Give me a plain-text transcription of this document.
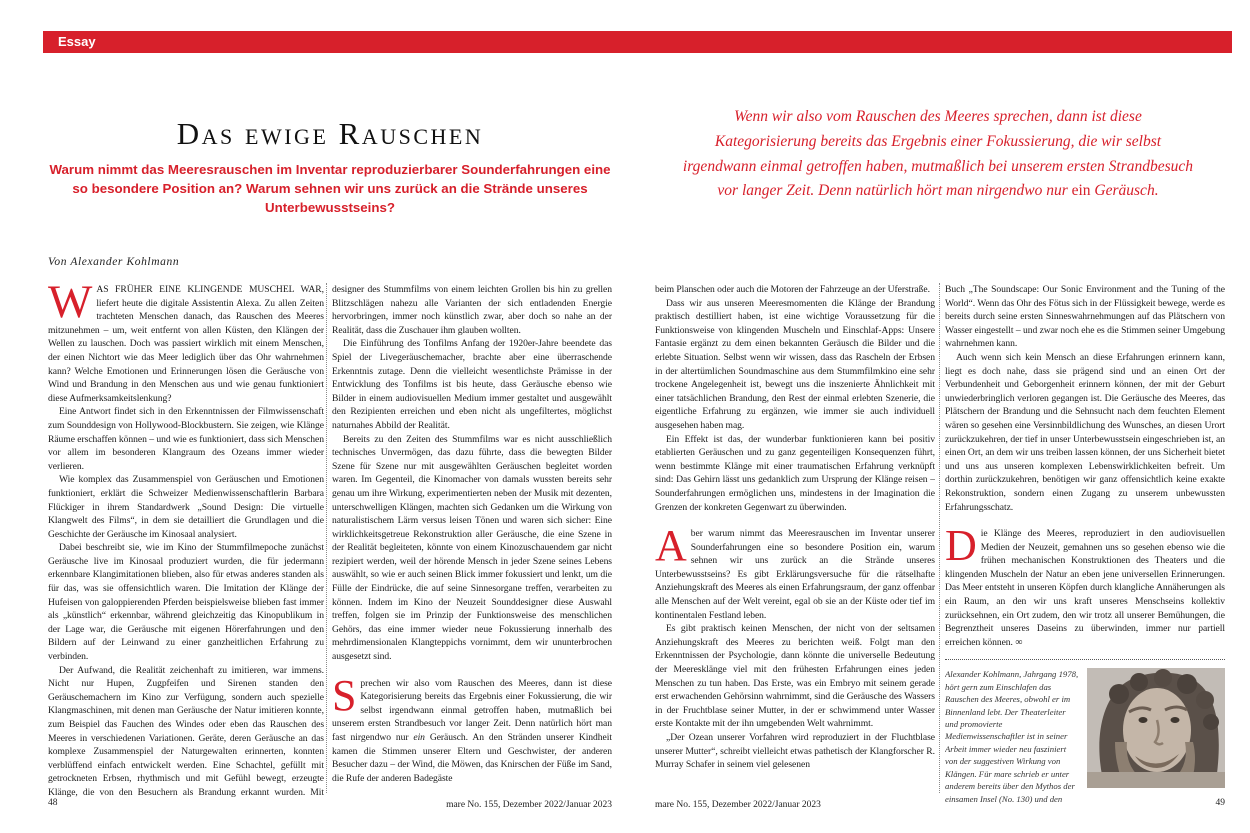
Essay
Das ewige Rauschen
Warum nimmt das Meeresrauschen im Inventar reproduzierbarer Sounderfahrungen eine
so besondere Position an? Warum sehnen wir uns zurück an die Strände unseres Unterbewusstseins?
Wenn wir also vom Rauschen des Meeres sprechen, dann ist diese
Kategorisierung bereits das Ergebnis einer Fokussierung, die wir selbst
irgendwann einmal getroffen haben, mutmaßlich bei unserem ersten Strandbesuch
vor langer Zeit. Denn natürlich hört man nirgendwo nur ein Geräusch.
Von Alexander Kohlmann

WAS FRÜHER EINE KLINGENDE MUSCHEL WAR, liefert heute die digitale Assistentin Alexa. Zu allen Zeiten trachteten Menschen danach, das Rauschen des Meeres mitzunehmen – um, weit entfernt von allen Küsten, den Klängen der Wellen zu lauschen. Doch was passiert wirklich mit einem Menschen, der einen Nichtort wie das Meer lediglich über das Ohr wahrnehmen kann? Welche Emotionen und Erinnerungen lösen die Geräusche von Wind und Brandung in den Menschen aus und wie genau funktioniert diese Aufmerksamkeitslenkung?

Eine Antwort findet sich in den Erkenntnissen der Filmwissenschaft zum Sounddesign von Hollywood-Blockbustern. Sie zeigen, wie Klänge Räume erschaffen können – und wie es funktioniert, dass sich Menschen vor allem im besonderen Klangraum des Ozeans immer wieder verlieren.

Wie komplex das Zusammenspiel von Geräuschen und Emotionen funktioniert, erklärt die Schweizer Medienwissenschaftlerin Barbara Flückiger in ihrem Standardwerk „Sound Design: Die virtuelle Klangwelt des Films“, in dem sie detailliert die Grundlagen und die Geschichte der Geräusche im Kinosaal analysiert.

Dabei beschreibt sie, wie im Kino der Stummfilmepoche zunächst Geräusche live im Kinosaal produziert wurden, die für jedermann erkennbare Klangimitationen blieben, also für etwas anderes standen als für das, was sie offensichtlich waren. Die Imitation der Klänge der Hufeisen von galoppierenden Pferden beispielsweise blieben fast immer als „künstlich“ erkennbar, während gleichzeitig das Kinopublikum in der Lage war, die Geräusche mit eigenen Hörerfahrungen und den Bildern auf der Leinwand zu einer ganzheitlichen Erfahrung zu verbinden.

Der Aufwand, die Realität zeichenhaft zu imitieren, war immens. Nicht nur Hupen, Zugpfeifen und Sirenen standen den Geräuschemachern im Kino zur Verfügung, sondern auch spezielle Klangmaschinen, mit denen man Geräusche der Natur imitieren konnte, zum Beispiel das Fauchen des Windes oder eben das Rauschen des Meeres in verschiedenen Variationen. Geräte, deren Geräusche an das komplexe Zusammenspiel der Naturgewalten erinnerten, konnten verblüffend einfach entwickelt werden. Eine Schachtel, gefüllt mit getrockneten Erbsen, rhythmisch und mit Gefühl bewegt, erzeugte Klänge, die von den Besuchern als Brandung erkannt wurden. Mit

designer des Stummfilms von einem leichten Grollen bis hin zu grellen Blitzschlägen nahezu alle Varianten der sich entladenden Energie hervorbringen, immer noch künstlich zwar, aber doch so nahe an der Realität, dass die Zuschauer ihm glauben wollten.

Die Einführung des Tonfilms Anfang der 1920er-Jahre beendete das Spiel der Livegeräuschemacher, brachte aber eine überraschende Erkenntnis zutage. Denn die vielleicht wesentlichste Prämisse in der Entwicklung des Tonfilms ist bis heute, dass Geräusche ebenso wie Bilder in einem audiovisuellen Medium immer gestaltet und ausgewählt den Rezipienten erreichen und eben nicht als ungefiltertes, möglichst naturnahes Abbild der Realität.

Bereits zu den Zeiten des Stummfilms war es nicht ausschließlich technisches Unvermögen, das dazu führte, dass die bewegten Bilder Szene für Szene nur mit ausgewählten Geräuschen begleitet worden waren. Im Gegenteil, die Kinomacher von damals wussten bereits sehr genau um ihre Wirkung, experimentierten neben der Musik mit dezenten, unterschwelligen Klängen, machten sich Gedanken um die Wirkung von naturalistischem Lärm versus leisen Tönen und waren sich sicher: Eine wirklichkeitsgetreue Rekonstruktion aller Geräusche, die eine Szene in der Realität begleiteten, könnte von einem Kinozuschauendem gar nicht rezipiert werden, weil der hörende Mensch in jeder Szene seines Lebens auswählt, so wie er auch seinen Blick immer fokussiert und lenkt, um die Fülle der Eindrücke, die auf seine Sinnesorgane treffen, verarbeiten zu können. Indem im Kino der Neuzeit Sounddesigner diese Auswahl treffen, folgen sie im Prinzip der Funktionsweise des menschlichen Gehörs, das eine immer wieder neue Fokussierung innerhalb des mehrdimensionalen Klangteppichs vornimmt, dem wir ununterbrochen ausgesetzt sind.

Sprechen wir also vom Rauschen des Meeres, dann ist diese Kategorisierung bereits das Ergebnis einer Fokussierung, die wir selbst irgendwann einmal getroffen haben, mutmaßlich bei unserem ersten Strandbesuch vor langer Zeit. Denn natürlich hört man fast nirgendwo nur ein Geräusch. An den Stränden unserer Kindheit kamen die Stimmen unserer Eltern und Geschwister, der anderen Besucher dazu – der Wind, die Möwen, das Knirschen der Füße im Sand, die Rufe der anderen Badegäste

beim Planschen oder auch die Motoren der Fahrzeuge an der Uferstraße.

Dass wir aus unseren Meeresmomenten die Klänge der Brandung praktisch destilliert haben, ist eine wichtige Voraussetzung für die Funktionsweise von klingenden Muscheln und Einschlaf-Apps: Unsere Fantasie ergänzt zu dem einen bekannten Geräusch die Bilder und die erlebte Situation. Selbst wenn wir wissen, dass das Rascheln der Erbsen in der altertümlichen Soundmaschine aus dem Stummfilmkino eine sehr trockene Angelegenheit ist, bewegt uns die inszenierte Ähnlichkeit mit einer tatsächlichen Brandung, den Rest der einmal erlebten Szenerie, die eigentliche Erfahrung zu ergänzen, wie immer sie auch individuell ausgesehen haben mag.

Ein Effekt ist das, der wunderbar funktionieren kann bei positiv etablierten Geräuschen und zu ganz gegenteiligen Konsequenzen führt, wenn bestimmte Klänge mit einer traumatischen Erfahrung verknüpft sind: Das Gehirn lässt uns gedanklich zum Ursprung der Klänge reisen – Sounderfahrungen ermöglichen uns, mindestens in der Imagination die Grenzen der konkreten Gegenwart zu überwinden.

Aber warum nimmt das Meeresrauschen im Inventar unserer Sounderfahrungen eine so besondere Position ein, warum sehnen wir uns zurück an die Strände unseres Unterbewusstseins? Es gibt Erklärungsversuche für die rätselhafte Anziehungskraft des Meeres als einen Erfahrungsraum, der ganz offenbar alle Menschen auf der Welt vereint, egal ob sie an der Küste oder tief im kontinentalen Festland leben.

Es gibt praktisch keinen Menschen, der nicht von der seltsamen Anziehungskraft des Meeres zu berichten weiß. Folgt man den Erkenntnissen der Psychologie, dann könnte die universelle Bedeutung der Meeresklänge viel mit den frühesten Erfahrungen eines jeden Menschen zu tun haben. Das Erste, was ein Embryo mit seinem gerade erst erwachenden Gehörsinn wahrnimmt, sind die Geräusche des Wassers in der Fruchtblase seiner Mutter, in der er schwimmend unter Wasser erste Kontakte mit der ihn umgebenden Welt wahrnimmt.

„Der Ozean unserer Vorfahren wird reproduziert in der Fluchtblase unserer Mutter“, schreibt vielleicht etwas pathetisch der Klangforscher R. Murray Schafer in seinem viel gelesenen

Buch „The Soundscape: Our Sonic Environment and the Tuning of the World“. Wenn das Ohr des Fötus sich in der Flüssigkeit bewege, werde es bereits durch seine ersten Sinneswahrnehmungen auf das Plätschern von Wasser eingestellt – und zwar noch ehe es die Stimmen seiner Umgebung wahrnehmen kann.

Auch wenn sich kein Mensch an diese Erfahrungen erinnern kann, liegt es doch nahe, dass sie prägend sind und an einen Ort der Verbundenheit und Geborgenheit erinnern können, der mit der Geburt unwiederbringlich verloren gegangen ist. Die Geräusche des Meeres, das Plätschern der Brandung und die Sehnsucht nach dem feuchten Element wären so gesehen eine Versinnbildlichung des Wunsches, an diesen Urort zurückzukehren, der tief in unser Unterbewusstsein eingeschrieben ist, an einen Ort, an dem wir uns treiben lassen können, der uns Sicherheit bietet und uns aus unseren komplexen Lebenswirklichkeiten befreit. Um dorthin zurückzukehren, benötigen wir ganz offensichtlich keine exakte Rekonstruktion, sondern einen Zugang zu unserem unbewussten Erfahrungsschatz.

Die Klänge des Meeres, reproduziert in den audiovisuellen Medien der Neuzeit, gemahnen uns so gesehen ebenso wie die frühen mechanischen Konstruktionen des Theaters und die klingenden Muscheln der Natur an eben jene universellen Erinnerungen. Das Meer entsteht in unseren Köpfen durch klangliche Annäherungen als ein Raum, an den wir uns kraft unseres Menschseins kollektiv zurücksehnen, ein Ort zudem, den wir trotz all unserer Bemühungen, die Begrenztheit unseres Daseins zu überwinden, immer nur partiell erreichen können. ∞

Alexander Kohlmann, Jahrgang 1978, hört gern zum Einschlafen das Rauschen des Meeres, obwohl er im Binnenland lebt. Der Theaterleiter und promovierte Medienwissenschaftler ist in seiner Arbeit immer wieder neu fasziniert von der suggestiven Wirkung von Klängen. Für mare schrieb er unter anderem bereits über den Mythos der einsamen Insel (No. 130) und den
mare No. 155, Dezember 2022/Januar 2023	mare No. 155, Dezember 2022/Januar 2023
48	49
